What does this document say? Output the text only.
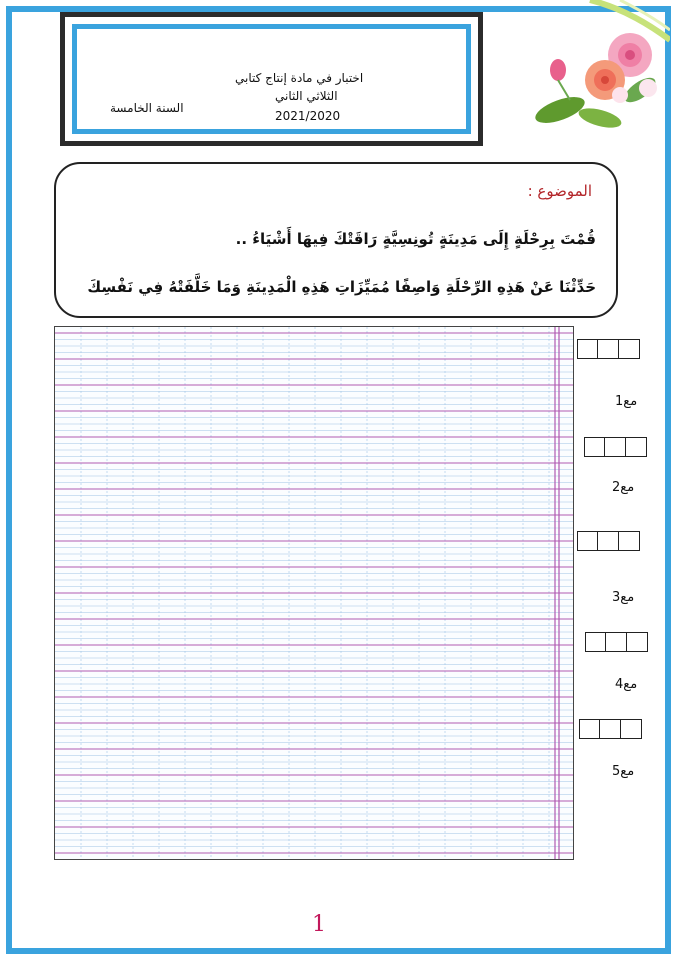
اختبار في مادة إنتاج كتابي
الثلاثي الثاني
السنة الخامسة
2021/2020
الموضوع :
قُمْتَ بِرِحْلَةٍ إِلَى مَدِينَةٍ تُونِسِيَّةٍ رَاقَتْكَ فِيهَا أَشْيَاءُ ..
حَدِّثْنَا عَنْ هَذِهِ الرِّحْلَةِ وَاصِفًا مُمَيِّزَاتِ هَذِهِ الْمَدِينَةِ وَمَا خَلَّفَتْهُ فِي نَفْسِكَ
مع1
مع2
مع3
مع4
مع5
1
